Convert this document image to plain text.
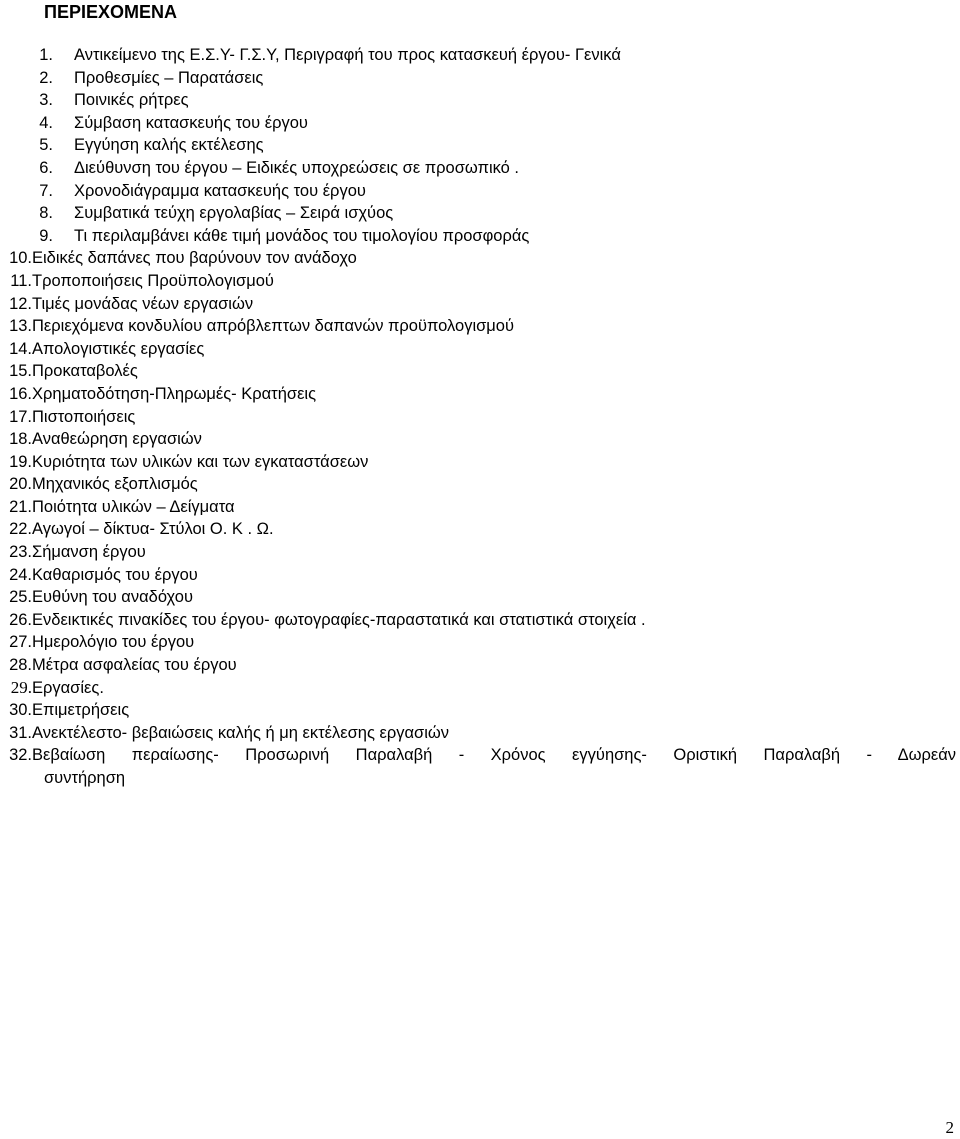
ΠΕΡΙΕΧΟΜΕΝΑ
1. Αντικείμενο της Ε.Σ.Υ- Γ.Σ.Υ, Περιγραφή του προς κατασκευή έργου- Γενικά
2. Προθεσμίες – Παρατάσεις
3. Ποινικές ρήτρες
4. Σύμβαση κατασκευής του έργου
5. Εγγύηση καλής εκτέλεσης
6. Διεύθυνση του έργου – Ειδικές υποχρεώσεις σε προσωπικό .
7. Χρονοδιάγραμμα κατασκευής του έργου
8. Συμβατικά τεύχη εργολαβίας – Σειρά ισχύος
9. Τι περιλαμβάνει κάθε τιμή μονάδος του τιμολογίου προσφοράς
10. Ειδικές δαπάνες που βαρύνουν τον ανάδοχο
11. Τροποποιήσεις Προϋπολογισμού
12. Τιμές μονάδας νέων εργασιών
13. Περιεχόμενα κονδυλίου απρόβλεπτων δαπανών προϋπολογισμού
14. Απολογιστικές εργασίες
15. Προκαταβολές
16. Χρηματοδότηση-Πληρωμές- Κρατήσεις
17. Πιστοποιήσεις
18. Αναθεώρηση εργασιών
19. Κυριότητα των υλικών και των εγκαταστάσεων
20. Μηχανικός εξοπλισμός
21. Ποιότητα υλικών – Δείγματα
22. Αγωγοί – δίκτυα- Στύλοι Ο. Κ . Ω.
23. Σήμανση έργου
24. Καθαρισμός του έργου
25. Ευθύνη του αναδόχου
26. Ενδεικτικές πινακίδες του έργου- φωτογραφίες-παραστατικά και στατιστικά στοιχεία .
27. Ημερολόγιο του έργου
28. Μέτρα ασφαλείας του έργου
29. Εργασίες.
30. Επιμετρήσεις
31. Ανεκτέλεστο- βεβαιώσεις καλής ή μη εκτέλεσης εργασιών
32. Βεβαίωση περαίωσης- Προσωρινή Παραλαβή - Χρόνος εγγύησης- Οριστική Παραλαβή - Δωρεάν
συντήρηση
2
